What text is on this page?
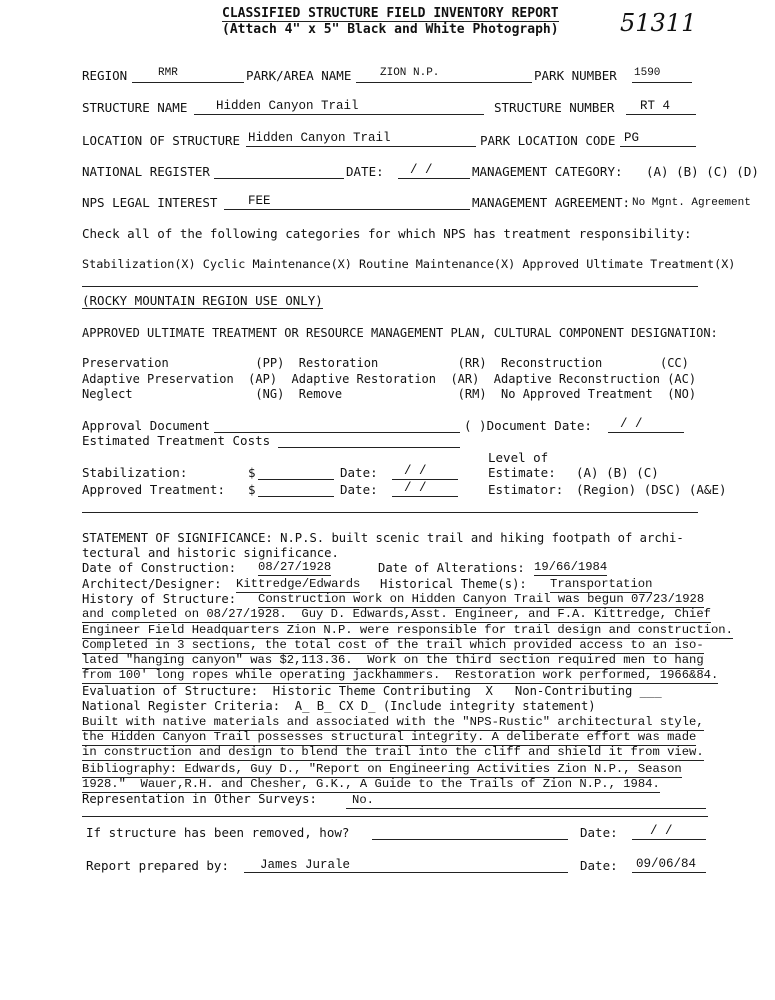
CLASSIFIED STRUCTURE FIELD INVENTORY REPORT
(Attach 4" x 5" Black and White Photograph)	51311
REGION	RMR	PARK/AREA NAME	ZION N.P.	PARK NUMBER 1590
STRUCTURE NAME Hidden Canyon Trail	STRUCTURE NUMBER RT 4
LOCATION OF STRUCTURE Hidden Canyon Trail	PARK LOCATION CODE PG
NATIONAL REGISTER	DATE: / /	MANAGEMENT CATEGORY: (A) (B) (C) (D)
NPS LEGAL INTEREST FEE	MANAGEMENT AGREEMENT: No Mgnt. Agreement
Check all of the following categories for which NPS has treatment responsibility:
Stabilization(X) Cyclic Maintenance(X) Routine Maintenance(X) Approved Ultimate Treatment(X)
(ROCKY MOUNTAIN REGION USE ONLY)
APPROVED ULTIMATE TREATMENT OR RESOURCE MANAGEMENT PLAN, CULTURAL COMPONENT DESIGNATION:
Preservation            (PP)  Restoration           (RR)  Reconstruction        (CC)
Adaptive Preservation  (AP)  Adaptive Restoration  (AR)  Adaptive Reconstruction (AC)
Neglect                 (NG)  Remove                (RM)  No Approved Treatment  (NO)
Approval Document	( )Document Date: / /
Estimated Treatment Costs
Level of
Stabilization:	$	Date: / /	Estimate: (A) (B) (C)
Approved Treatment: $	Date: / /	Estimator: (Region) (DSC) (A&E)
STATEMENT OF SIGNIFICANCE: N.P.S. built scenic trail and hiking footpath of archi-
tectural and historic significance.
Date of Construction: 08/27/1928	Date of Alterations: 19/66/1984
Architect/Designer: Kittredge/Edwards Historical Theme(s): Transportation
History of Structure: Construction work on Hidden Canyon Trail was begun 07/23/1928
and completed on 08/27/1928.  Guy D. Edwards,Asst. Engineer, and F.A. Kittredge, Chief
Engineer Field Headquarters Zion N.P. were responsible for trail design and construction.
Completed in 3 sections, the total cost of the trail which provided access to an iso-
lated "hanging canyon" was $2,113.36.  Work on the third section required men to hang
from 100' long ropes while operating jackhammers.  Restoration work performed, 1966&84.
Evaluation of Structure:  Historic Theme Contributing  X   Non-Contributing ___
National Register Criteria:  A_ B_ CX D_ (Include integrity statement)
Built with native materials and associated with the "NPS-Rustic" architectural style,
the Hidden Canyon Trail possesses structural integrity. A deliberate effort was made
in construction and design to blend the trail into the cliff and shield it from view.
Bibliography: Edwards, Guy D., "Report on Engineering Activities Zion N.P., Season
1928."  Wauer,R.H. and Chesher, G.K., A Guide to the Trails of Zion N.P., 1984.
Representation in Other Surveys:	No.
If structure has been removed, how?	Date:	/ /
Report prepared by: James Jurale	Date: 09/06/84
